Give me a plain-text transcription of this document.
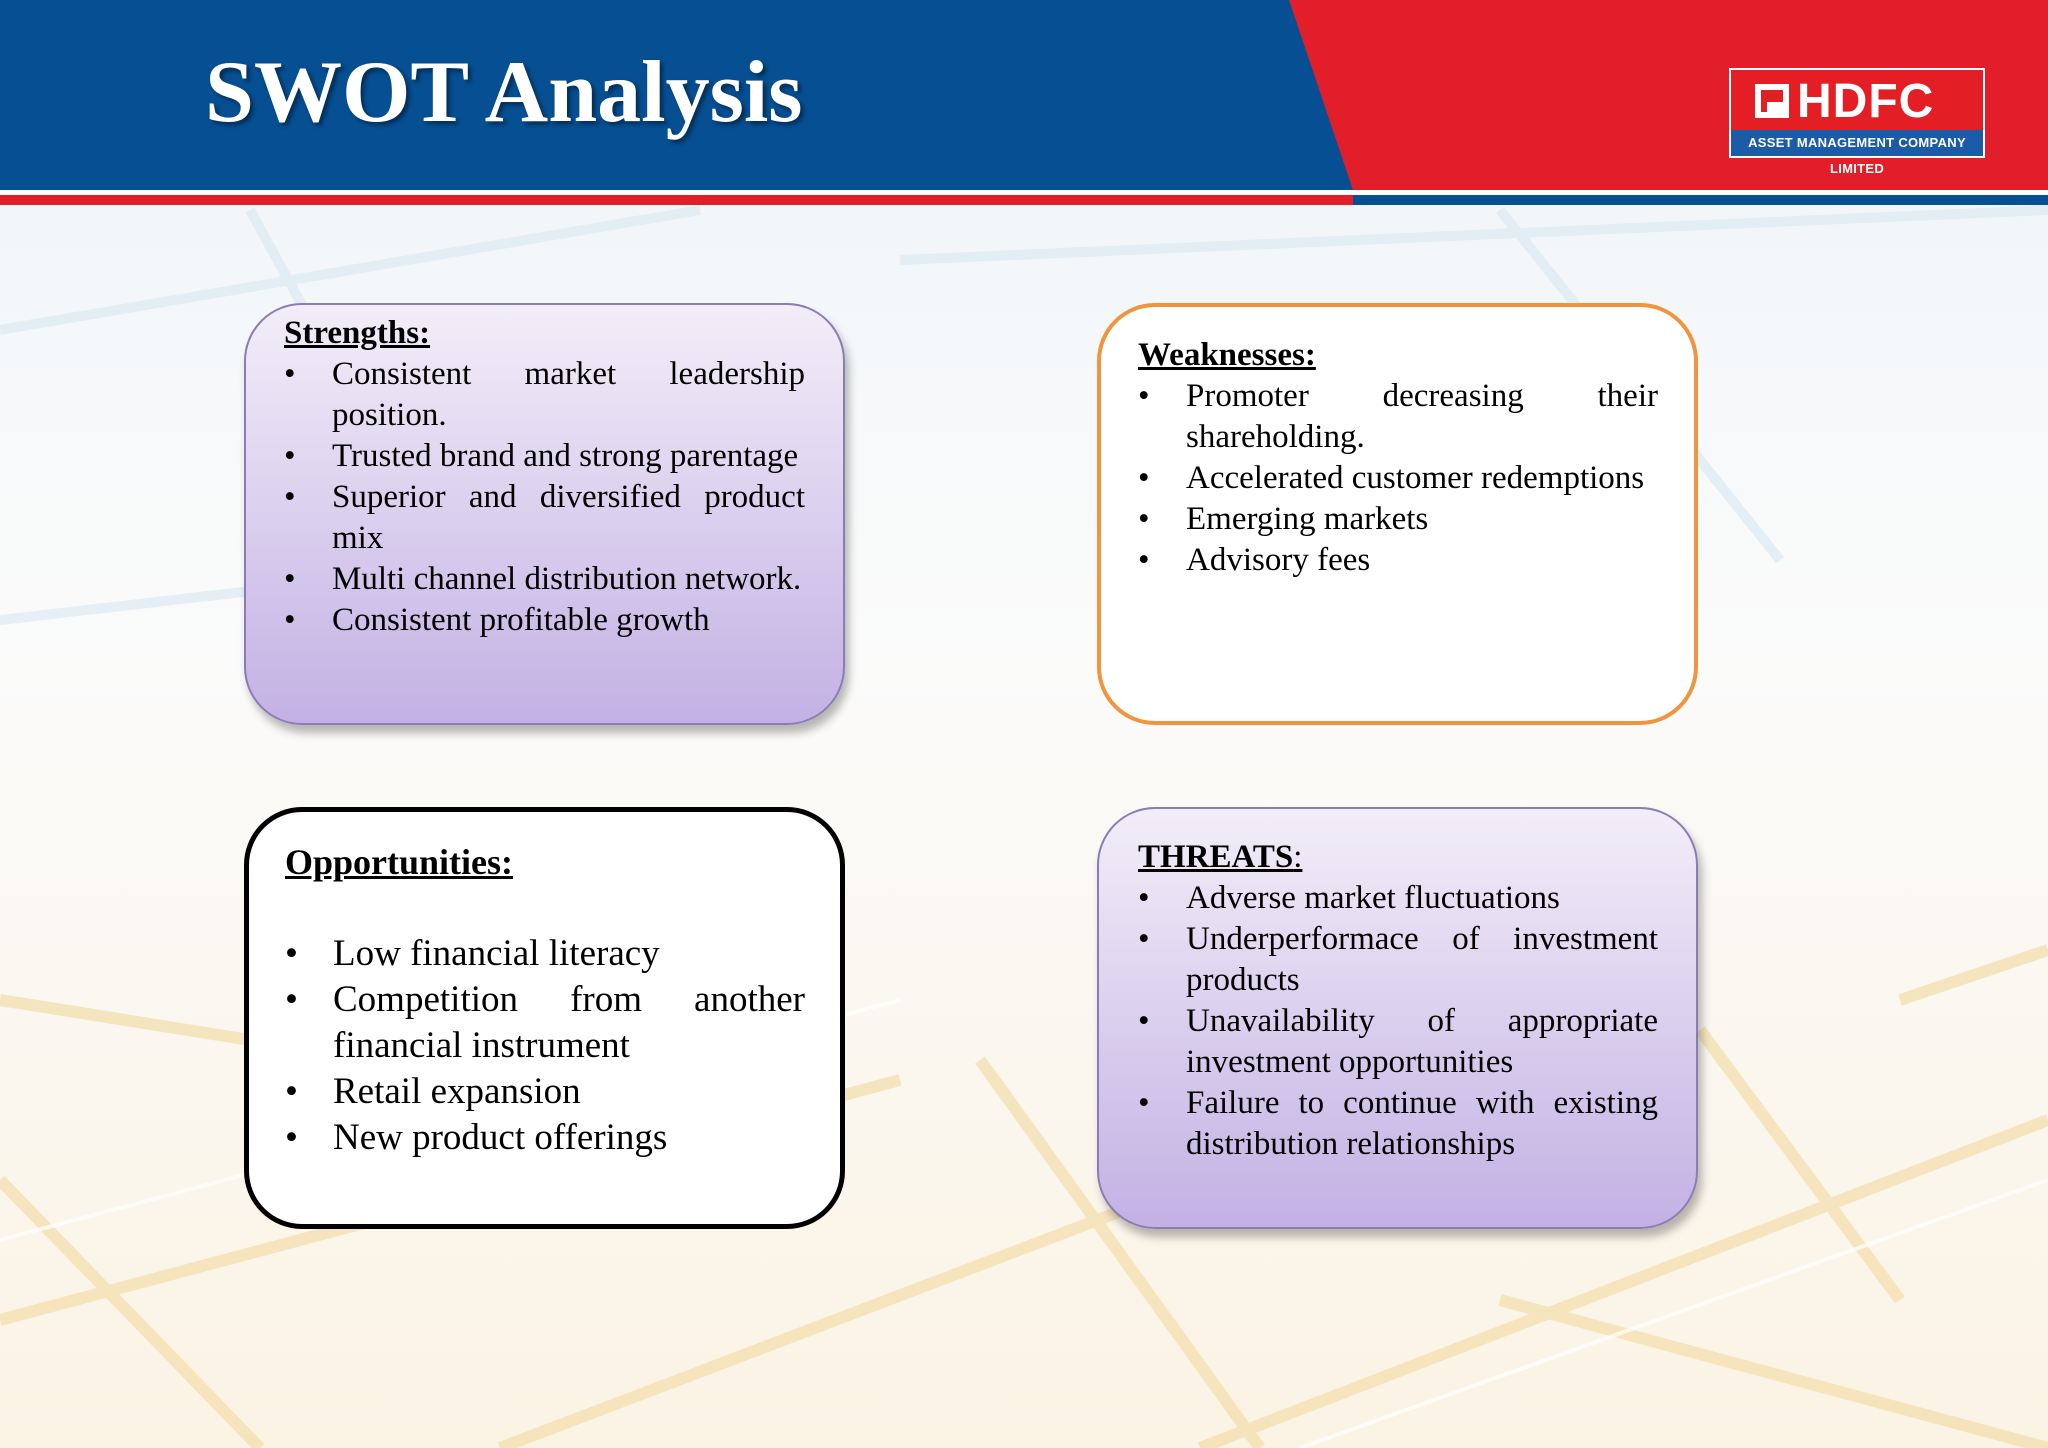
SWOT Analysis	HDFC
ASSET MANAGEMENT COMPANY LIMITED

Strengths:

• Consistent market leadership position.
• Trusted brand and strong parentage
• Superior and diversified product mix
• Multi channel distribution network.
• Consistent profitable growth

Weaknesses:

• Promoter decreasing their shareholding.
• Accelerated customer redemptions
• Emerging markets
• Advisory fees

Opportunities:

• Low financial literacy
• Competition from another financial instrument
• Retail expansion
• New product offerings

THREATS:

• Adverse market fluctuations
• Underperformace of investment products
• Unavailability of appropriate investment opportunities
• Failure to continue with existing distribution relationships
